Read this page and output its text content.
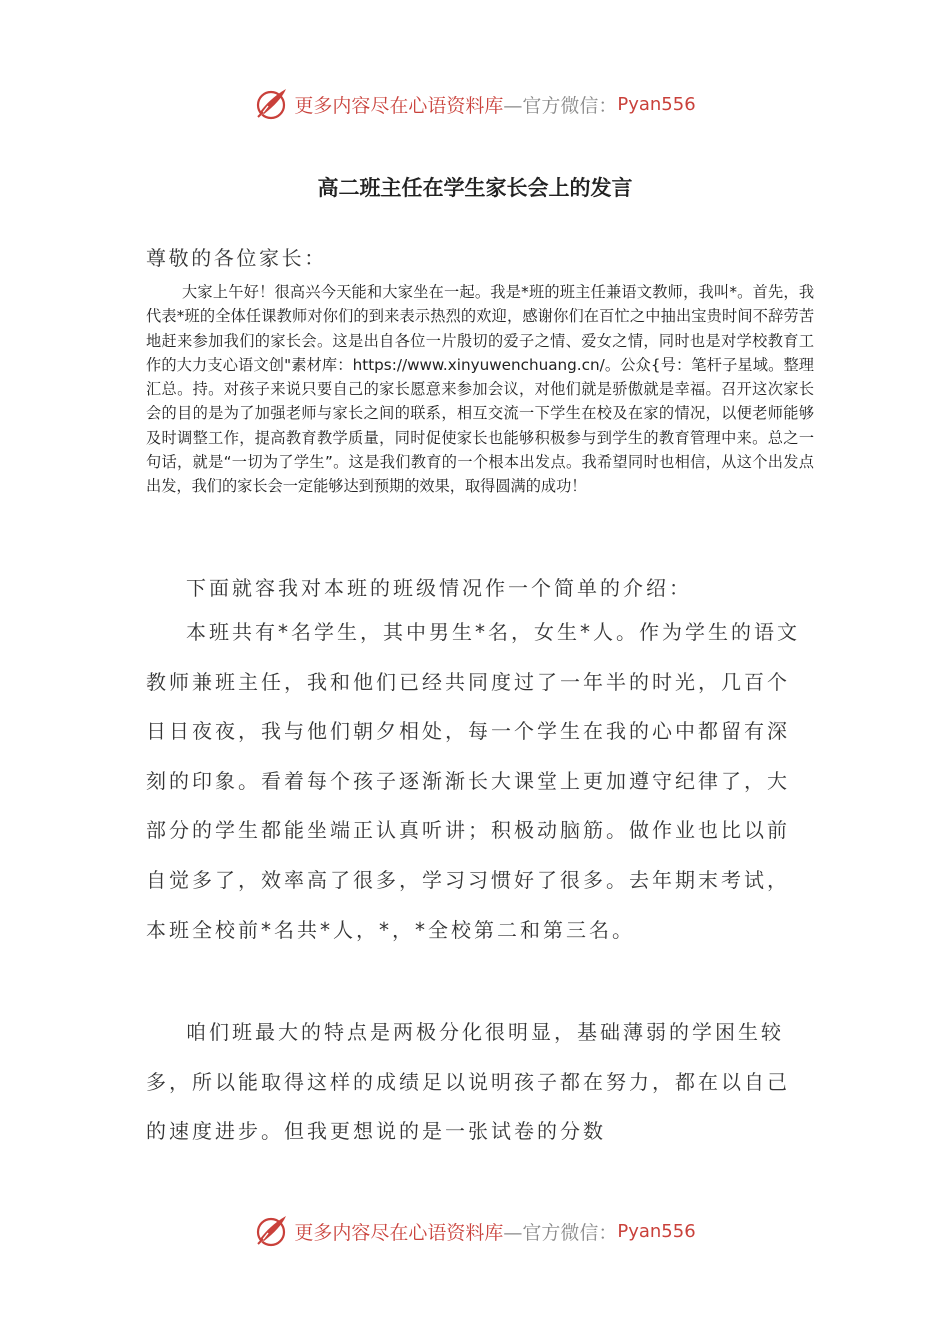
更多内容尽在心语资料库 —官方微信： Pyan556
高二班主任在学生家长会上的发言

尊敬的各位家长：

大家上午好！很高兴今天能和大家坐在一起。我是*班的班主任兼语文教师，我叫*。首先，我代表*班的全体任课教师对你们的到来表示热烈的欢迎，感谢你们在百忙之中抽出宝贵时间不辞劳苦地赶来参加我们的家长会。这是出自各位一片殷切的爱子之情、爱女之情，同时也是对学校教育工作的大力支心语文创"素材库：https://www.xinyuwenchuang.cn/。公众{号：笔杆子星域。整理汇总。持。对孩子来说只要自己的家长愿意来参加会议，对他们就是骄傲就是幸福。召开这次家长会的目的是为了加强老师与家长之间的联系，相互交流一下学生在校及在家的情况，以便老师能够及时调整工作，提高教育教学质量，同时促使家长也能够积极参与到学生的教育管理中来。总之一句话，就是“一切为了学生”。这是我们教育的一个根本出发点。我希望同时也相信，从这个出发点出发，我们的家长会一定能够达到预期的效果，取得圆满的成功！

下面就容我对本班的班级情况作一个简单的介绍：

本班共有*名学生，其中男生*名，女生*人。作为学生的语文教师兼班主任，我和他们已经共同度过了一年半的时光，几百个日日夜夜，我与他们朝夕相处，每一个学生在我的心中都留有深刻的印象。看着每个孩子逐渐渐长大课堂上更加遵守纪律了，大部分的学生都能坐端正认真听讲；积极动脑筋。做作业也比以前自觉多了，效率高了很多，学习习惯好了很多。去年期末考试，本班全校前*名共*人，*，*全校第二和第三名。

咱们班最大的特点是两极分化很明显，基础薄弱的学困生较多，所以能取得这样的成绩足以说明孩子都在努力，都在以自己的速度进步。但我更想说的是一张试卷的分数

更多内容尽在心语资料库 —官方微信： Pyan556
